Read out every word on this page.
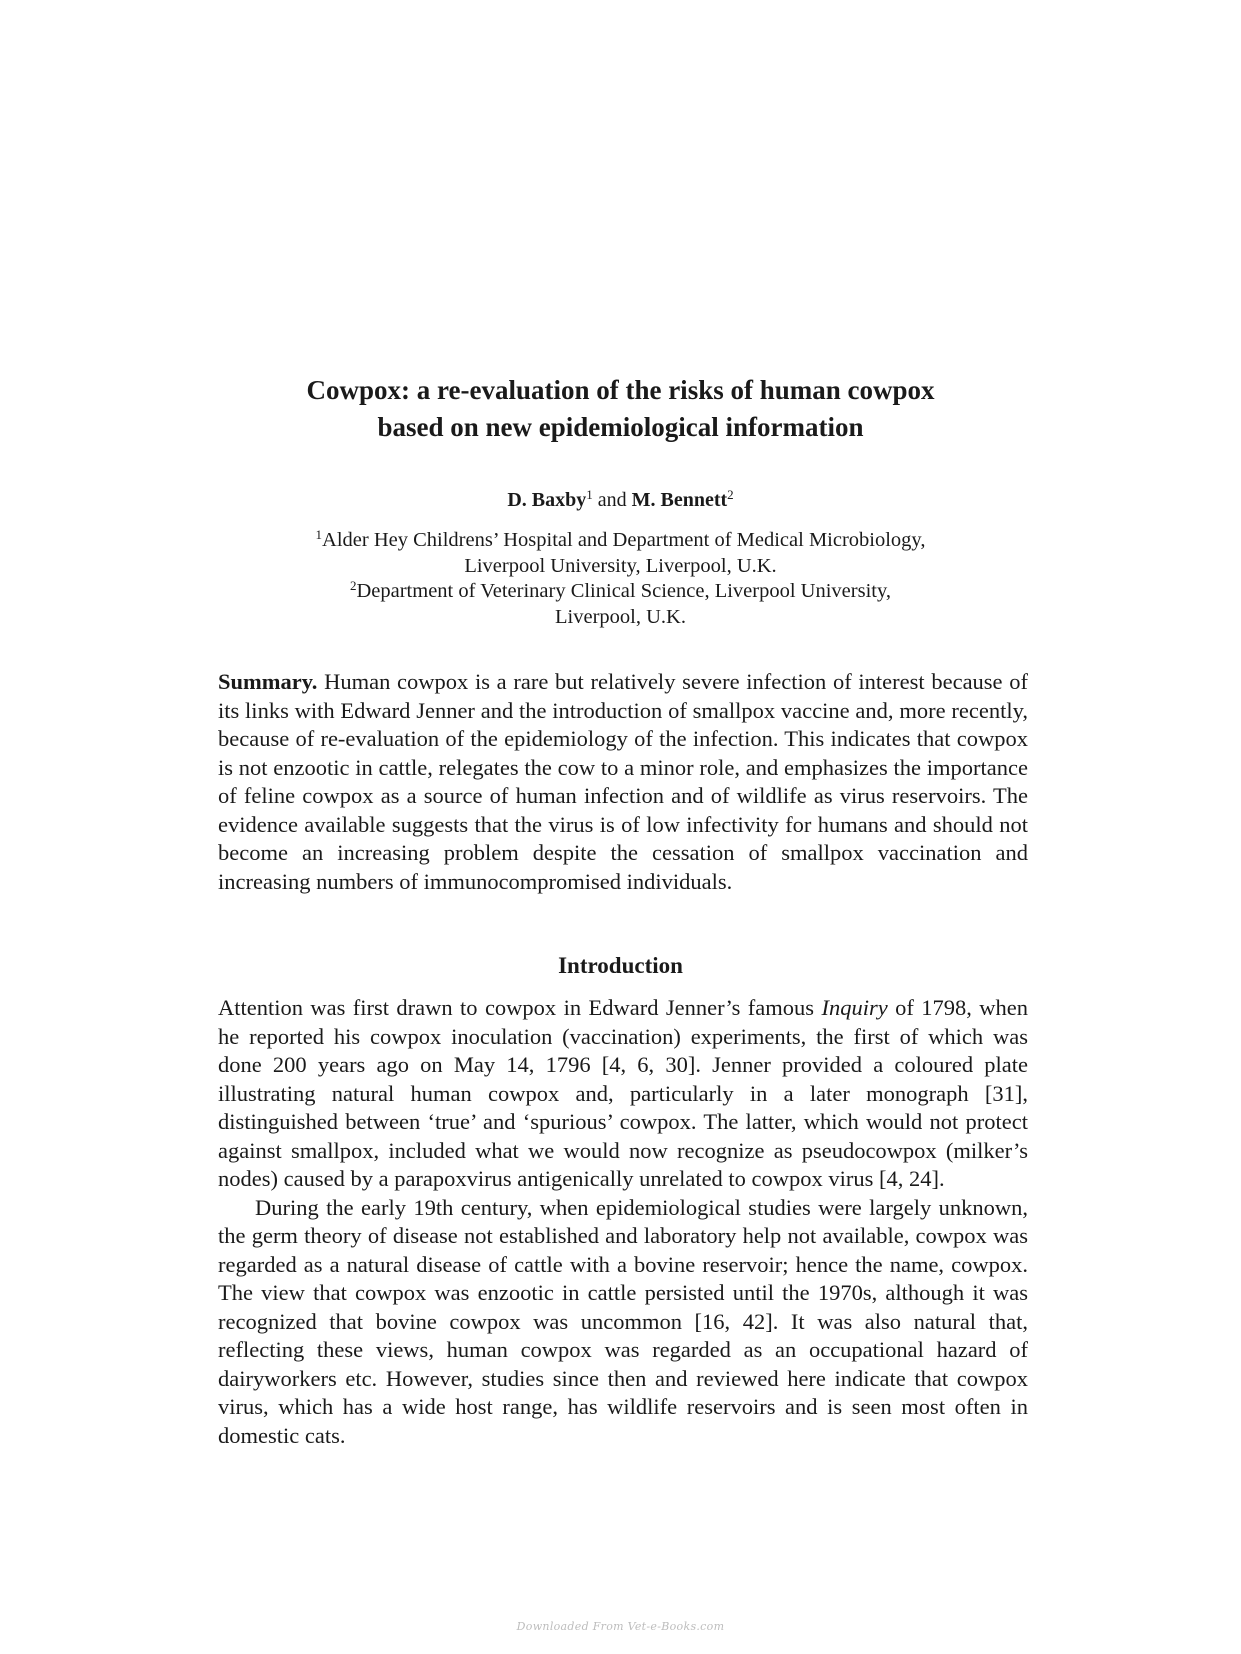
Cowpox: a re-evaluation of the risks of human cowpox
based on new epidemiological information
D. Baxby$^1$ and M. Bennett$^2$
$^1$Alder Hey Childrens’ Hospital and Department of Medical Microbiology,
Liverpool University, Liverpool, U.K.
$^2$Department of Veterinary Clinical Science, Liverpool University,
Liverpool, U.K.

Summary. Human cowpox is a rare but relatively severe infection of interest because of its links with Edward Jenner and the introduction of smallpox vaccine and, more recently, because of re-evaluation of the epidemiology of the infection. This indicates that cowpox is not enzootic in cattle, relegates the cow to a minor role, and emphasizes the importance of feline cowpox as a source of human infection and of wildlife as virus reservoirs. The evidence available suggests that the virus is of low infectivity for humans and should not become an increasing problem despite the cessation of smallpox vaccination and increasing numbers of immunocompromised individuals.

Introduction

Attention was first drawn to cowpox in Edward Jenner’s famous Inquiry of 1798, when he reported his cowpox inoculation (vaccination) experiments, the first of which was done 200 years ago on May 14, 1796 [4, 6, 30]. Jenner provided a coloured plate illustrating natural human cowpox and, particularly in a later monograph [31], distinguished between ‘true’ and ‘spurious’ cowpox. The latter, which would not protect against smallpox, included what we would now recognize as pseudocowpox (milker’s nodes) caused by a parapoxvirus antigenically unrelated to cowpox virus [4, 24].

During the early 19th century, when epidemiological studies were largely unknown, the germ theory of disease not established and laboratory help not available, cowpox was regarded as a natural disease of cattle with a bovine reservoir; hence the name, cowpox. The view that cowpox was enzootic in cattle persisted until the 1970s, although it was recognized that bovine cowpox was uncommon [16, 42]. It was also natural that, reflecting these views, human cowpox was regarded as an occupational hazard of dairyworkers etc. However, studies since then and reviewed here indicate that cowpox virus, which has a wide host range, has wildlife reservoirs and is seen most often in domestic cats.

Downloaded From Vet-e-Books.com
